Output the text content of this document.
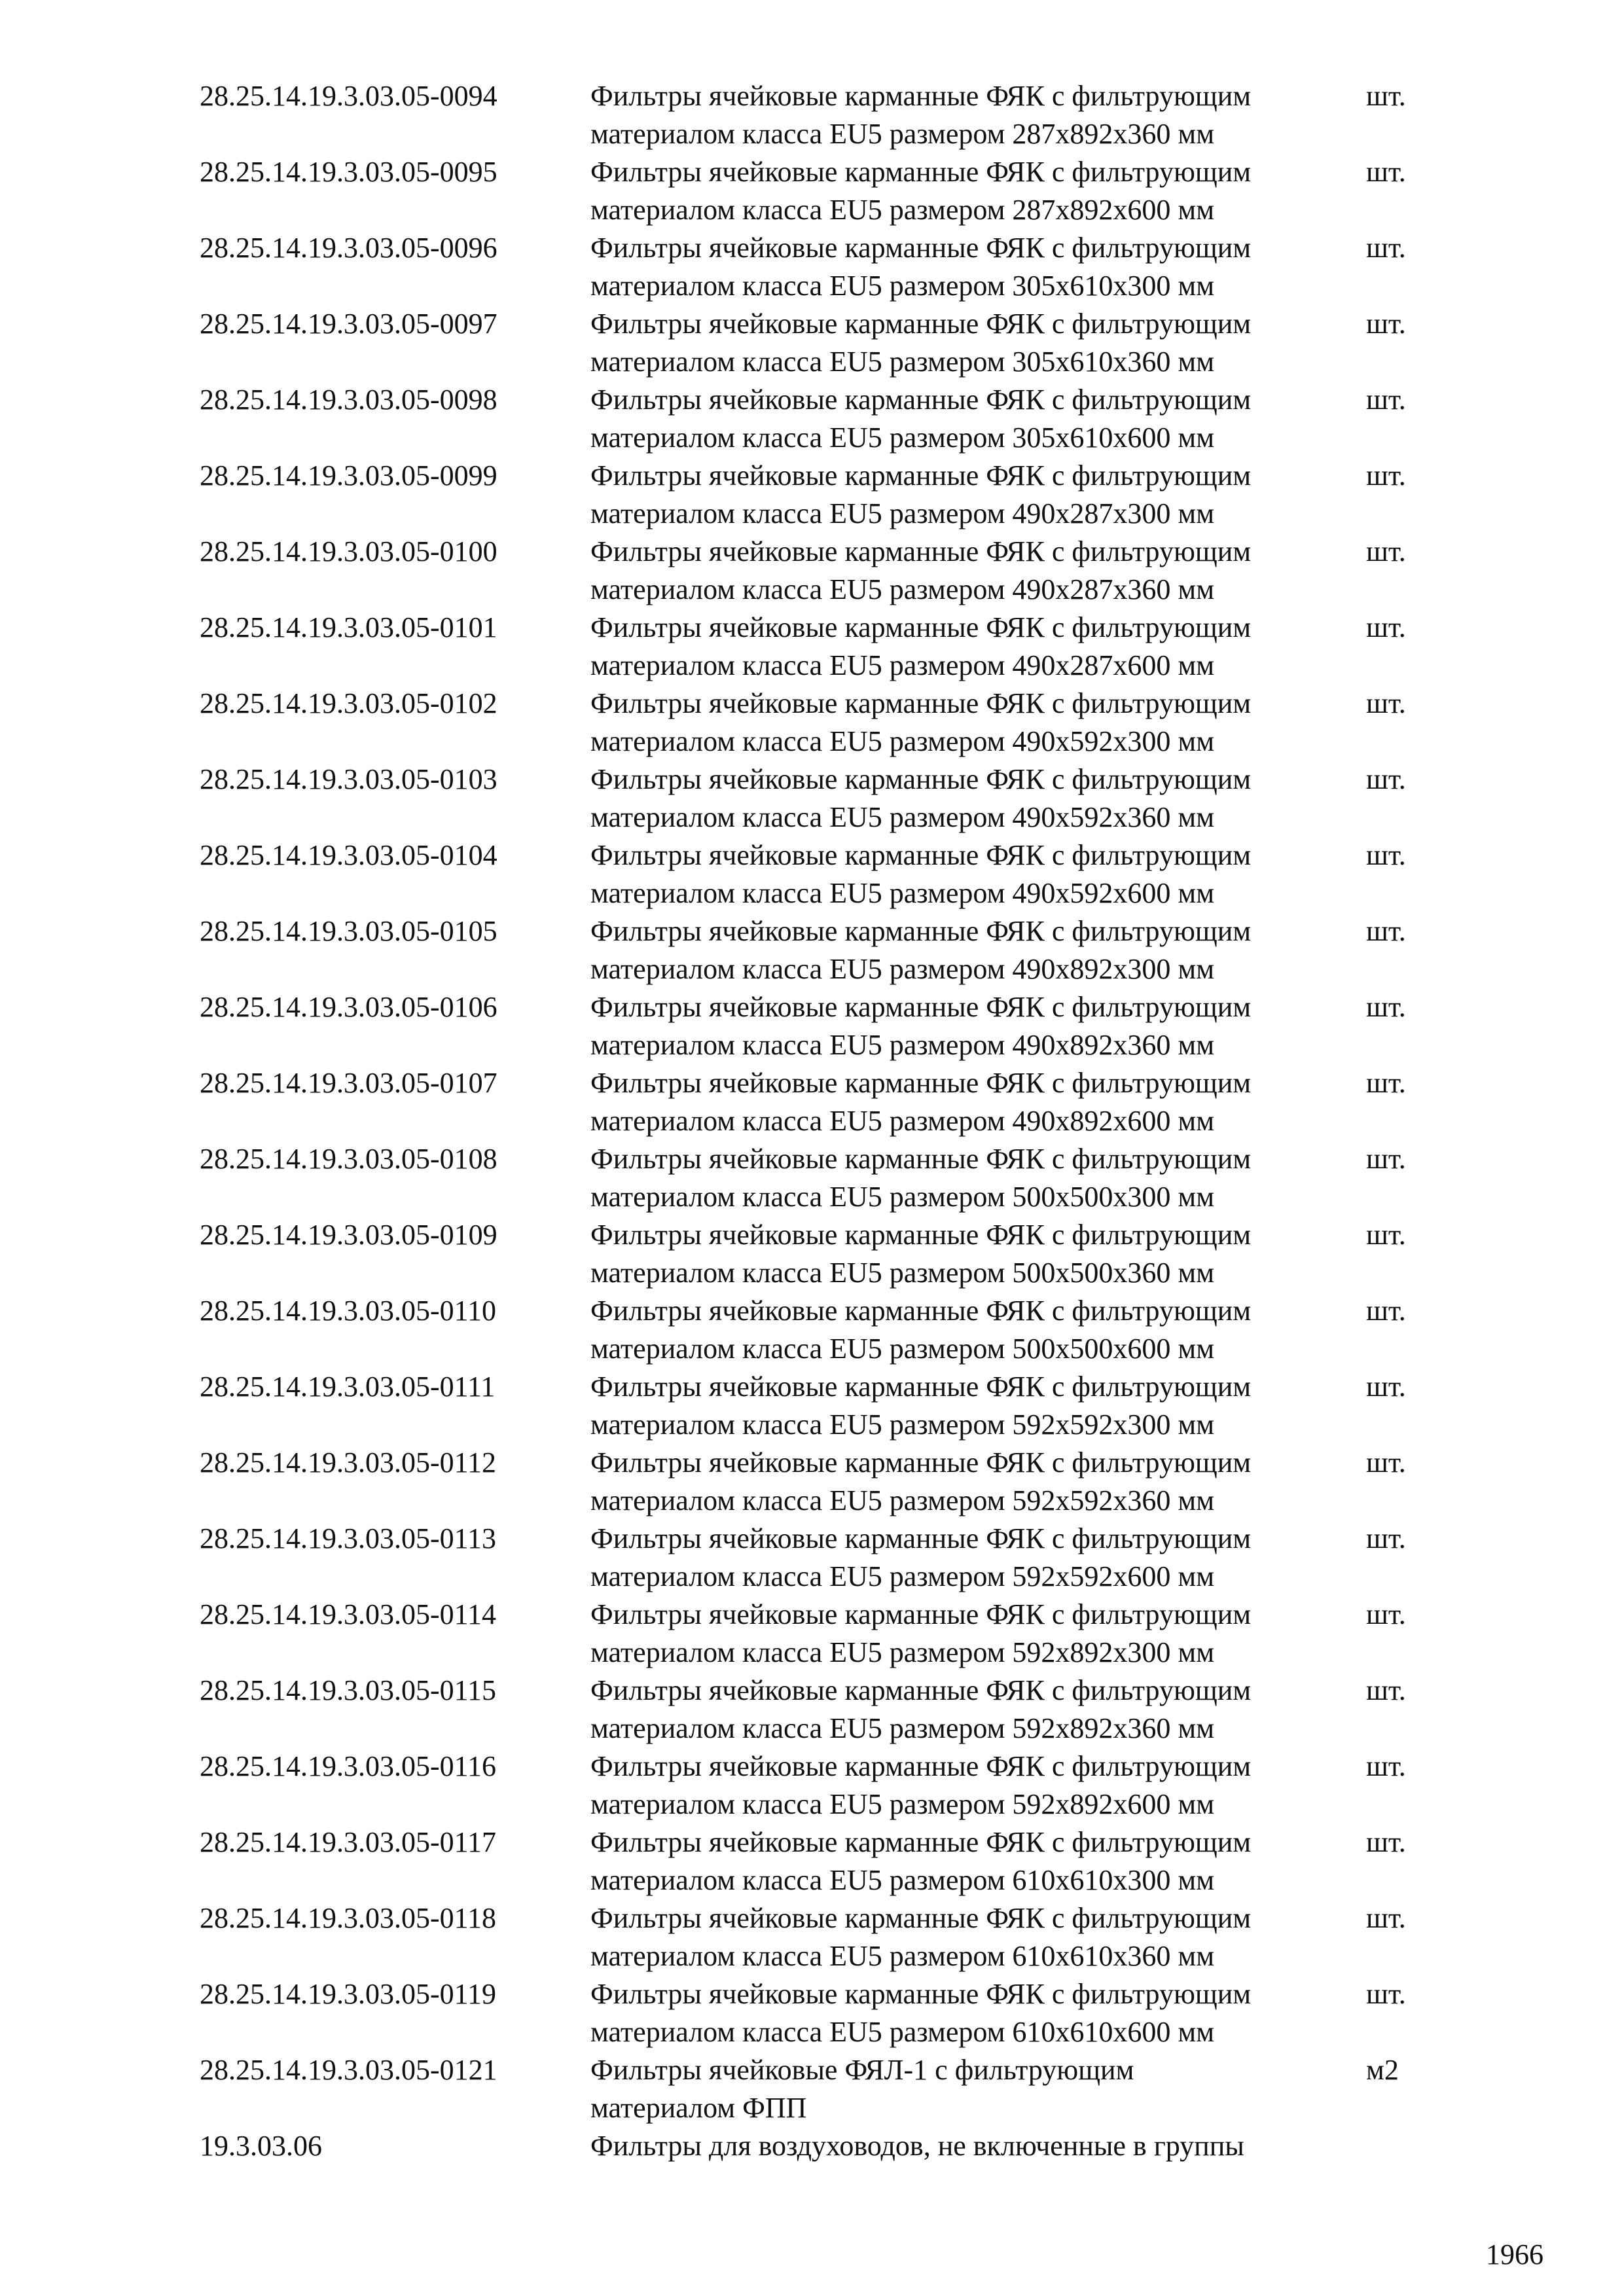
28.25.14.19.3.03.05-0094	Фильтры ячейковые карманные ФЯК с фильтрующим
материалом класса EU5 размером 287x892x360 мм
шт.
28.25.14.19.3.03.05-0095	Фильтры ячейковые карманные ФЯК с фильтрующим
материалом класса EU5 размером 287x892x600 мм
шт.
28.25.14.19.3.03.05-0096	Фильтры ячейковые карманные ФЯК с фильтрующим
материалом класса EU5 размером 305x610x300 мм
шт.
28.25.14.19.3.03.05-0097	Фильтры ячейковые карманные ФЯК с фильтрующим
материалом класса EU5 размером 305x610x360 мм
шт.
28.25.14.19.3.03.05-0098	Фильтры ячейковые карманные ФЯК с фильтрующим
материалом класса EU5 размером 305x610x600 мм
шт.
28.25.14.19.3.03.05-0099	Фильтры ячейковые карманные ФЯК с фильтрующим
материалом класса EU5 размером 490x287x300 мм
шт.
28.25.14.19.3.03.05-0100	Фильтры ячейковые карманные ФЯК с фильтрующим
материалом класса EU5 размером 490x287x360 мм
шт.
28.25.14.19.3.03.05-0101	Фильтры ячейковые карманные ФЯК с фильтрующим
материалом класса EU5 размером 490x287x600 мм
шт.
28.25.14.19.3.03.05-0102	Фильтры ячейковые карманные ФЯК с фильтрующим
материалом класса EU5 размером 490x592x300 мм
шт.
28.25.14.19.3.03.05-0103	Фильтры ячейковые карманные ФЯК с фильтрующим
материалом класса EU5 размером 490x592x360 мм
шт.
28.25.14.19.3.03.05-0104	Фильтры ячейковые карманные ФЯК с фильтрующим
материалом класса EU5 размером 490x592x600 мм
шт.
28.25.14.19.3.03.05-0105	Фильтры ячейковые карманные ФЯК с фильтрующим
материалом класса EU5 размером 490x892x300 мм
шт.
28.25.14.19.3.03.05-0106	Фильтры ячейковые карманные ФЯК с фильтрующим
материалом класса EU5 размером 490x892x360 мм
шт.
28.25.14.19.3.03.05-0107	Фильтры ячейковые карманные ФЯК с фильтрующим
материалом класса EU5 размером 490x892x600 мм
шт.
28.25.14.19.3.03.05-0108	Фильтры ячейковые карманные ФЯК с фильтрующим
материалом класса EU5 размером 500x500x300 мм
шт.
28.25.14.19.3.03.05-0109	Фильтры ячейковые карманные ФЯК с фильтрующим
материалом класса EU5 размером 500x500x360 мм
шт.
28.25.14.19.3.03.05-0110	Фильтры ячейковые карманные ФЯК с фильтрующим
материалом класса EU5 размером 500x500x600 мм
шт.
28.25.14.19.3.03.05-0111	Фильтры ячейковые карманные ФЯК с фильтрующим
материалом класса EU5 размером 592x592x300 мм
шт.
28.25.14.19.3.03.05-0112	Фильтры ячейковые карманные ФЯК с фильтрующим
материалом класса EU5 размером 592x592x360 мм
шт.
28.25.14.19.3.03.05-0113	Фильтры ячейковые карманные ФЯК с фильтрующим
материалом класса EU5 размером 592x592x600 мм
шт.
28.25.14.19.3.03.05-0114	Фильтры ячейковые карманные ФЯК с фильтрующим
материалом класса EU5 размером 592x892x300 мм
шт.
28.25.14.19.3.03.05-0115	Фильтры ячейковые карманные ФЯК с фильтрующим
материалом класса EU5 размером 592x892x360 мм
шт.
28.25.14.19.3.03.05-0116	Фильтры ячейковые карманные ФЯК с фильтрующим
материалом класса EU5 размером 592x892x600 мм
шт.
28.25.14.19.3.03.05-0117	Фильтры ячейковые карманные ФЯК с фильтрующим
материалом класса EU5 размером 610x610x300 мм
шт.
28.25.14.19.3.03.05-0118	Фильтры ячейковые карманные ФЯК с фильтрующим
материалом класса EU5 размером 610x610x360 мм
шт.
28.25.14.19.3.03.05-0119	Фильтры ячейковые карманные ФЯК с фильтрующим
материалом класса EU5 размером 610x610x600 мм
шт.
28.25.14.19.3.03.05-0121	Фильтры ячейковые ФЯЛ-1 с фильтрующим
материалом ФПП
м2
19.3.03.06	Фильтры для воздуховодов, не включенные в группы
1966
